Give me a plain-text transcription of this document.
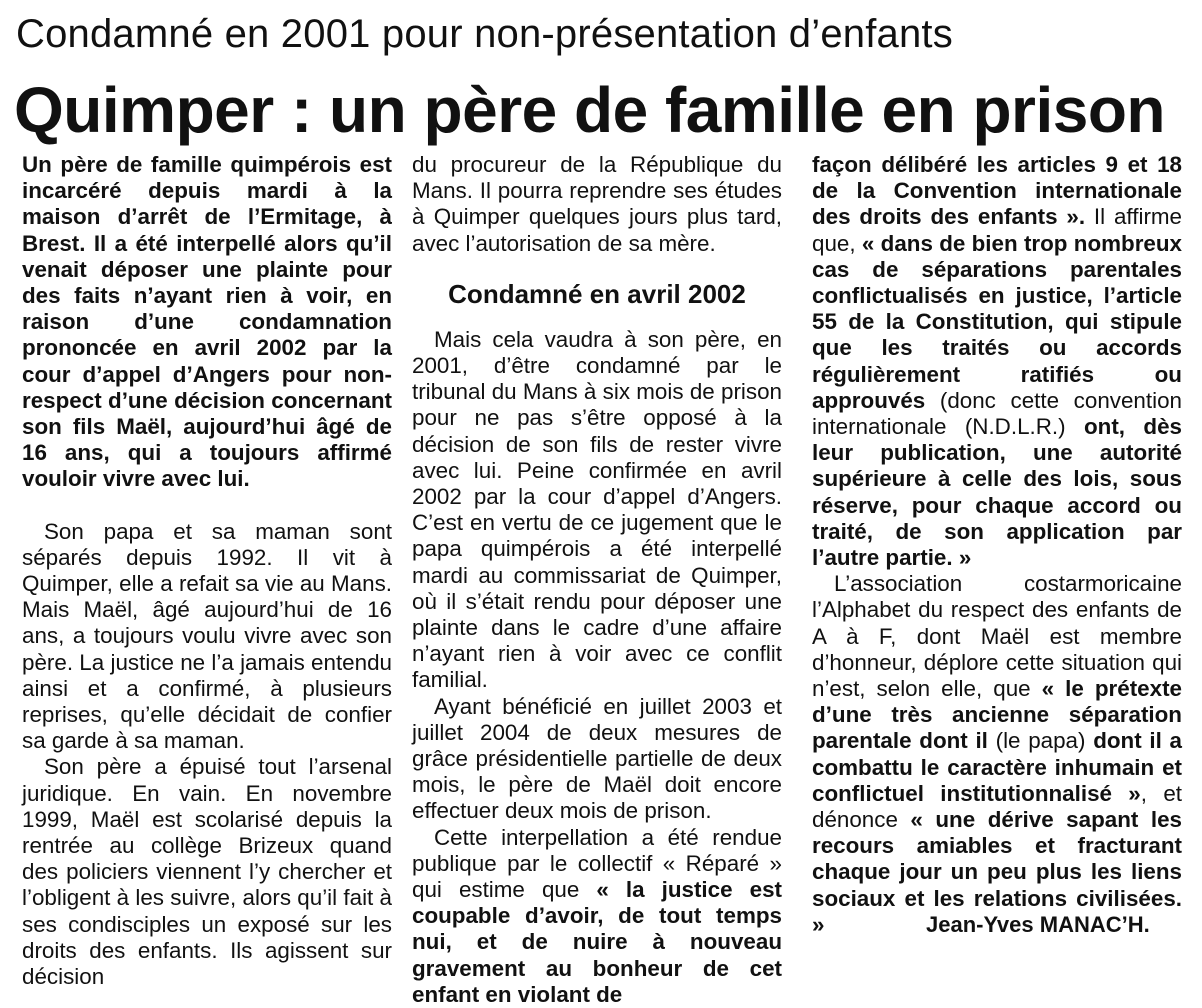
Condamné en 2001 pour non-présentation d’enfants
Quimper : un père de famille en prison

Un père de famille quimpérois est incarcéré depuis mardi à la maison d’arrêt de l’Ermitage, à Brest. Il a été interpellé alors qu’il venait déposer une plainte pour des faits n’ayant rien à voir, en raison d’une condamnation prononcée en avril 2002 par la cour d’appel d’Angers pour non-respect d’une décision concernant son fils Maël, aujourd’hui âgé de 16 ans, qui a toujours affirmé vouloir vivre avec lui.

Son papa et sa maman sont séparés depuis 1992. Il vit à Quimper, elle a refait sa vie au Mans. Mais Maël, âgé aujourd’hui de 16 ans, a toujours voulu vivre avec son père. La justice ne l’a jamais entendu ainsi et a confirmé, à plusieurs reprises, qu’elle décidait de confier sa garde à sa maman.

Son père a épuisé tout l’arsenal juridique. En vain. En novembre 1999, Maël est scolarisé depuis la rentrée au collège Brizeux quand des policiers viennent l’y chercher et l’obligent à les suivre, alors qu’il fait à ses condisciples un exposé sur les droits des enfants. Ils agissent sur décision

du procureur de la République du Mans. Il pourra reprendre ses études à Quimper quelques jours plus tard, avec l’autorisation de sa mère.

Condamné en avril 2002

Mais cela vaudra à son père, en 2001, d’être condamné par le tribunal du Mans à six mois de prison pour ne pas s’être opposé à la décision de son fils de rester vivre avec lui. Peine confirmée en avril 2002 par la cour d’appel d’Angers. C’est en vertu de ce jugement que le papa quimpérois a été interpellé mardi au commissariat de Quimper, où il s’était rendu pour déposer une plainte dans le cadre d’une affaire n’ayant rien à voir avec ce conflit familial.

Ayant bénéficié en juillet 2003 et juillet 2004 de deux mesures de grâce présidentielle partielle de deux mois, le père de Maël doit encore effectuer deux mois de prison.

Cette interpellation a été rendue publique par le collectif « Réparé » qui estime que « la justice est coupable d’avoir, de tout temps nui, et de nuire à nouveau gravement au bonheur de cet enfant en violant de

façon délibéré les articles 9 et 18 de la Convention internationale des droits des enfants ». Il affirme que, « dans de bien trop nombreux cas de séparations parentales conflictualisés en justice, l’article 55 de la Constitution, qui stipule que les traités ou accords régulièrement ratifiés ou approuvés (donc cette convention internationale (N.D.L.R.) ont, dès leur publication, une autorité supérieure à celle des lois, sous réserve, pour chaque accord ou traité, de son application par l’autre partie. »

L’association costarmoricaine l’Alphabet du respect des enfants de A à F, dont Maël est membre d’honneur, déplore cette situation qui n’est, selon elle, que « le prétexte d’une très ancienne séparation parentale dont il (le papa) dont il a combattu le caractère inhumain et conflictuel institutionnalisé », et dénonce « une dérive sapant les recours amiables et fracturant chaque jour un peu plus les liens sociaux et les relations civilisées. »	Jean-Yves MANAC’H.
